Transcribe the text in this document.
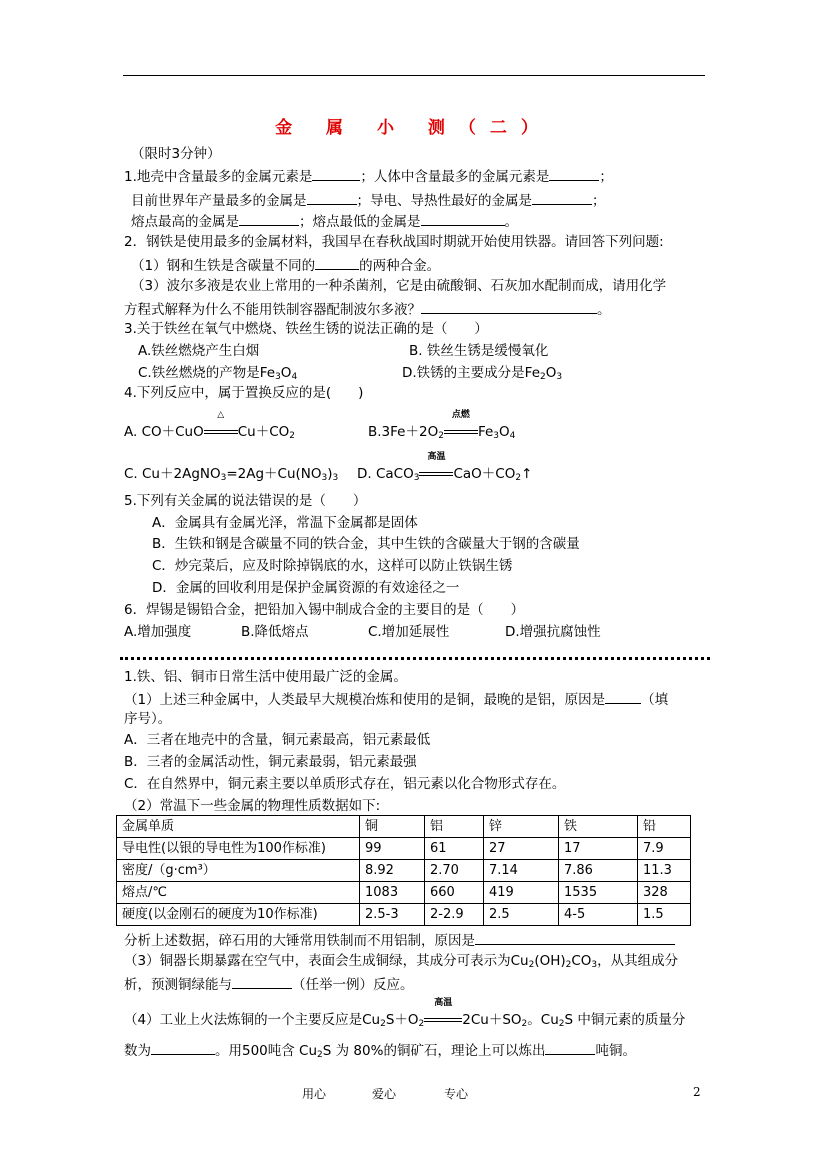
金 属 小 测（二）
（限时3分钟）
1.地壳中含量最多的金属元素是	；人体中含量最多的金属元素是	；
目前世界年产量最多的金属是	；导电、导热性最好的金属是	；
熔点最高的金属是	；熔点最低的金属是	。
2．钢铁是使用最多的金属材料，我国早在春秋战国时期就开始使用铁器。请回答下列问题:
（1）钢和生铁是含碳量不同的	的两种合金。
（3）波尔多液是农业上常用的一种杀菌剂，它是由硫酸铜、石灰加水配制而成，请用化学
方程式解释为什么不能用铁制容器配制波尔多液？	。
3.关于铁丝在氧气中燃烧、铁丝生锈的说法正确的是（　　）
A.铁丝燃烧产生白烟	B. 铁丝生锈是缓慢氧化
C.铁丝燃烧的产物是$Fe_3O_4$	D.铁锈的主要成分是$Fe_2O_3$
4.下列反应中，属于置换反应的是(　　)
A. CO＋CuO
△
$Cu+CO_2$	$B.3Fe+2O_2$
点燃
$Fe_3O_4$
C. $Cu+2AgNO_3=2Ag+Cu(NO_3)_3$ D. CaCO$_3$
高温
$CaO+CO_2↑$
5.下列有关金属的说法错误的是（　　）
A．金属具有金属光泽，常温下金属都是固体
B．生铁和钢是含碳量不同的铁合金，其中生铁的含碳量大于钢的含碳量
C．炒完菜后，应及时除掉锅底的水，这样可以防止铁锅生锈
D．金属的回收利用是保护金属资源的有效途径之一
6．焊锡是锡铅合金，把铅加入锡中制成合金的主要目的是（　　）
A.增加强度	B.降低熔点	C.增加延展性	D.增强抗腐蚀性
1.铁、铝、铜市日常生活中使用最广泛的金属。
（1）上述三种金属中，人类最早大规模冶炼和使用的是铜，最晚的是铝，原因是	（填
序号）。
A．三者在地壳中的含量，铜元素最高，铝元素最低
B．三者的金属活动性，铜元素最弱，铝元素最强
C．在自然界中，铜元素主要以单质形式存在，铝元素以化合物形式存在。
（2）常温下一些金属的物理性质数据如下:
金属单质	铜	铝	锌	铁	铅
导电性(以银的导电性为100作标准)	99	61	27	17	7.9
密度/（g·cm³）	8.92	2.70	7.14	7.86	11.3
熔点/℃	1083	660	419	1535	328
硬度(以金刚石的硬度为10作标准)	2.5-3	2-2.9	2.5	4-5	1.5
分析上述数据，碎石用的大锤常用铁制而不用铝制，原因是
（3）铜器长期暴露在空气中，表面会生成铜绿，其成分可表示为$Cu_2(OH)_2CO_3$，从其组成分
析，预测铜绿能与	（任举一例）反应。
（4）工业上火法炼铜的一个主要反应是$Cu_2S+O_2$
高温
$2Cu+SO_2$。$Cu_2S$ 中铜元素的质量分
数为	。用500吨含 $Cu_2S$ 为 80%的铜矿石，理论上可以炼出	吨铜。
用心	爱心	专心	2
